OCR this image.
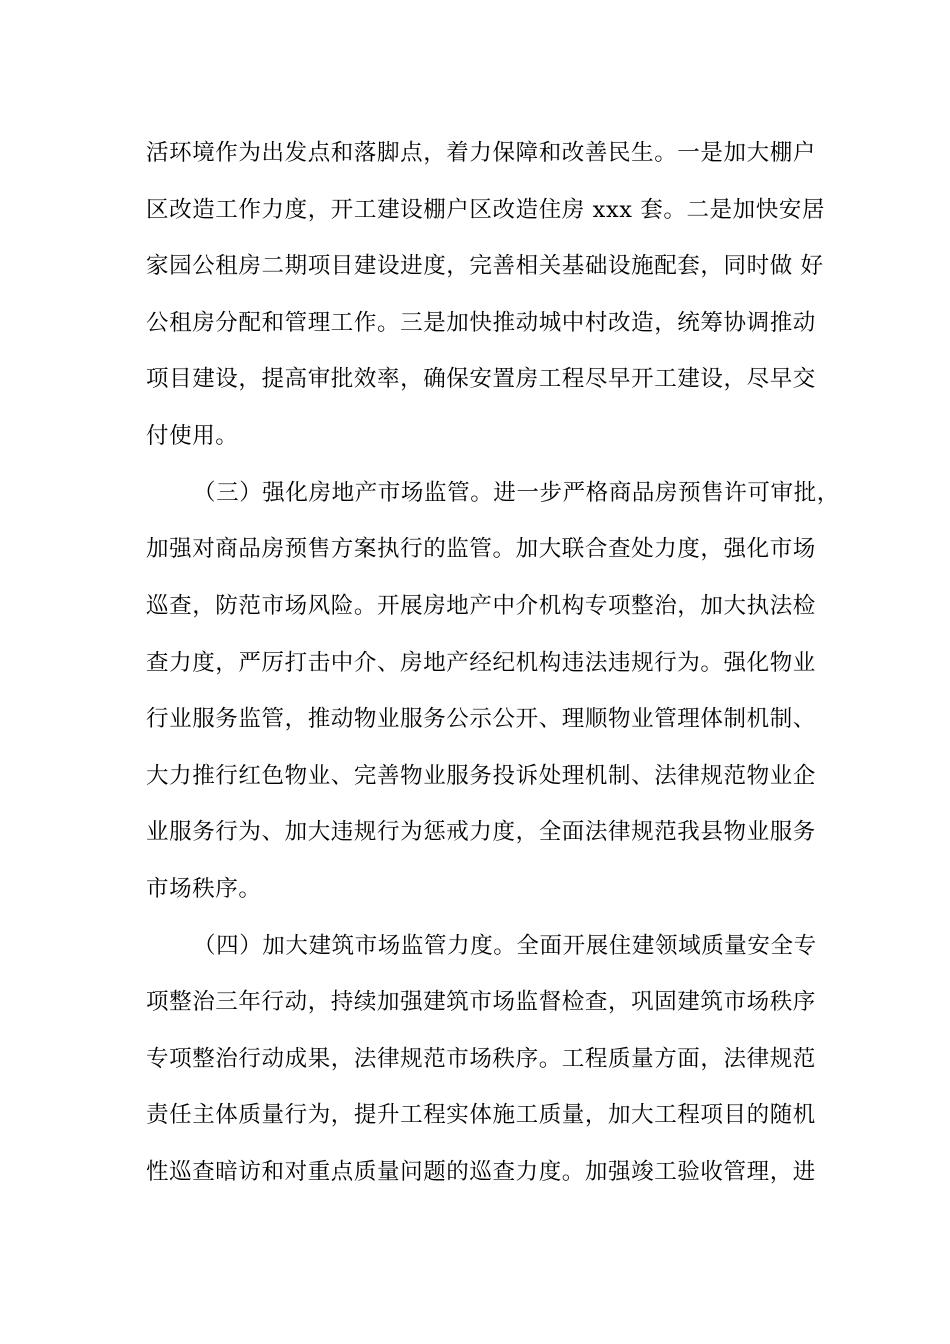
活环境作为出发点和落脚点，着力保障和改善民生。一是加大棚户
区改造工作力度，开工建设棚户区改造住房 xxx 套。二是加快安居
家园公租房二期项目建设进度，完善相关基础设施配套，同时做 好
公租房分配和管理工作。三是加快推动城中村改造，统筹协调推动
项目建设，提高审批效率，确保安置房工程尽早开工建设，尽早交
付使用。
（三）强化房地产市场监管。进一步严格商品房预售许可审批，
加强对商品房预售方案执行的监管。加大联合查处力度，强化市场
巡查，防范市场风险。开展房地产中介机构专项整治，加大执法检
查力度，严厉打击中介、房地产经纪机构违法违规行为。强化物业
行业服务监管，推动物业服务公示公开、理顺物业管理体制机制、
大力推行红色物业、完善物业服务投诉处理机制、法律规范物业企
业服务行为、加大违规行为惩戒力度，全面法律规范我县物业服务
市场秩序。
（四）加大建筑市场监管力度。全面开展住建领域质量安全专
项整治三年行动，持续加强建筑市场监督检查，巩固建筑市场秩序
专项整治行动成果，法律规范市场秩序。工程质量方面，法律规范
责任主体质量行为，提升工程实体施工质量，加大工程项目的随机
性巡查暗访和对重点质量问题的巡查力度。加强竣工验收管理，进
